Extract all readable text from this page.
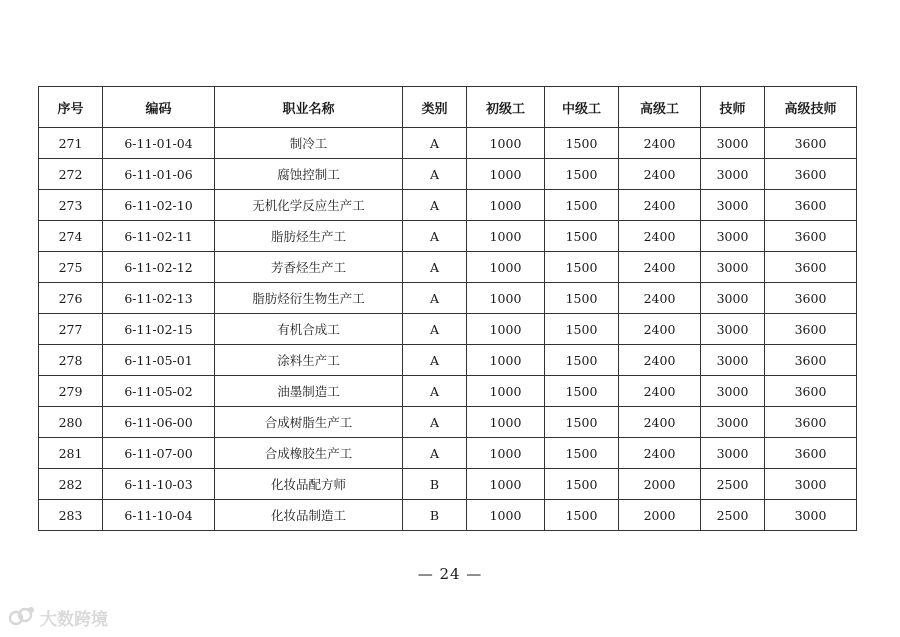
序号	编码	职业名称	类别	初级工	中级工	高级工	技师	高级技师
271	6-11-01-04	制冷工	A	1000	1500	2400	3000	3600
272	6-11-01-06	腐蚀控制工	A	1000	1500	2400	3000	3600
273	6-11-02-10	无机化学反应生产工	A	1000	1500	2400	3000	3600
274	6-11-02-11	脂肪烃生产工	A	1000	1500	2400	3000	3600
275	6-11-02-12	芳香烃生产工	A	1000	1500	2400	3000	3600
276	6-11-02-13	脂肪烃衍生物生产工	A	1000	1500	2400	3000	3600
277	6-11-02-15	有机合成工	A	1000	1500	2400	3000	3600
278	6-11-05-01	涂料生产工	A	1000	1500	2400	3000	3600
279	6-11-05-02	油墨制造工	A	1000	1500	2400	3000	3600
280	6-11-06-00	合成树脂生产工	A	1000	1500	2400	3000	3600
281	6-11-07-00	合成橡胶生产工	A	1000	1500	2400	3000	3600
282	6-11-10-03	化妆品配方师	B	1000	1500	2000	2500	3000
283	6-11-10-04	化妆品制造工	B	1000	1500	2000	2500	3000
— 24 —
大数跨境
